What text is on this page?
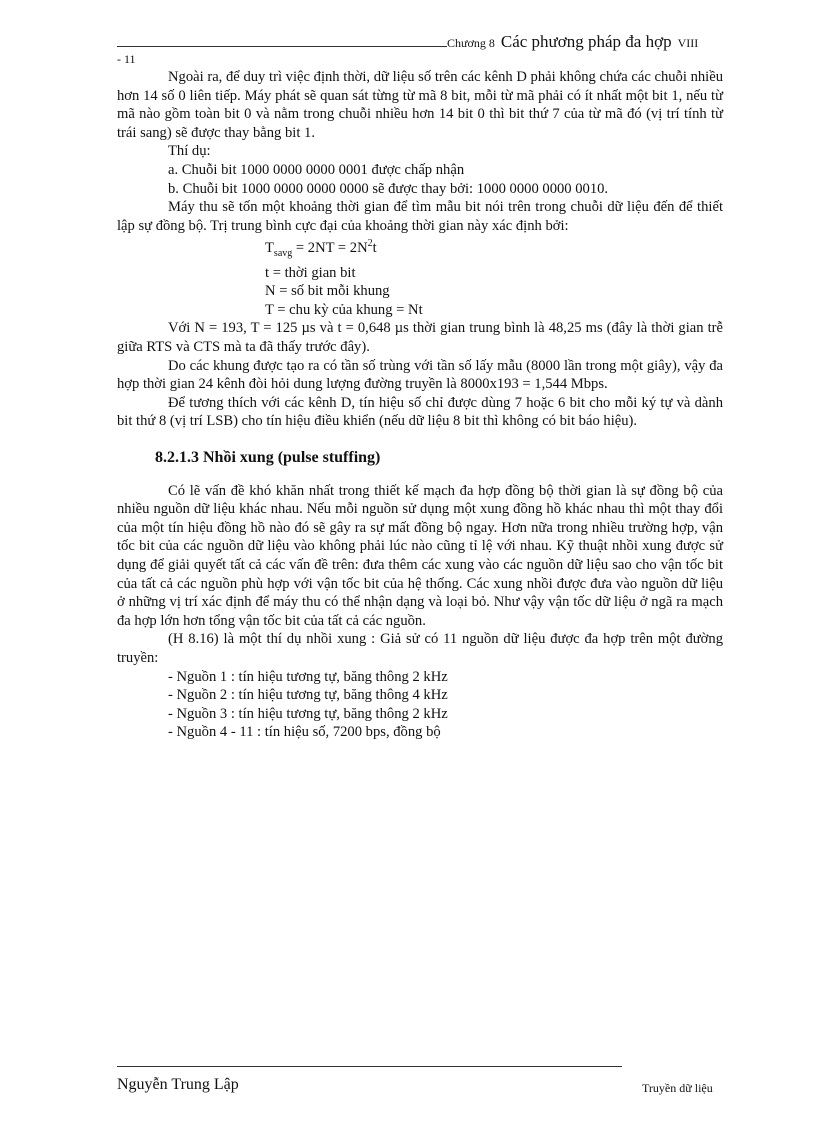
Chương 8 Các phương pháp đa hợp VIII
- 11

Ngoài ra, để duy trì việc định thời, dữ liệu số trên các kênh D phải không chứa các chuỗi nhiều hơn 14 số 0 liên tiếp. Máy phát sẽ quan sát từng từ mã 8 bit, mỗi từ mã phải có ít nhất một bit 1, nếu từ mã nào gồm toàn bit 0 và nằm trong chuỗi nhiều hơn 14 bit 0 thì bit thứ 7 của từ mã đó (vị trí tính từ trái sang) sẽ được thay bằng bit 1.

Thí dụ:

a. Chuỗi bit 1000 0000 0000 0001 được chấp nhận

b. Chuỗi bit 1000 0000 0000 0000 sẽ được thay bởi: 1000 0000 0000 0010.

Máy thu sẽ tốn một khoảng thời gian để tìm mẫu bit nói trên trong chuỗi dữ liệu đến để thiết lập sự đồng bộ. Trị trung bình cực đại của khoảng thời gian này xác định bởi:

$T_{savg} = 2NT = 2N^2t$

t = thời gian bit

N = số bit mỗi khung

T = chu kỳ của khung = Nt

Với N = 193, T = 125 µs và t = 0,648 µs thời gian trung bình là 48,25 ms (đây là thời gian trễ giữa RTS và CTS mà ta đã thấy trước đây).

Do các khung được tạo ra có tần số trùng với tần số lấy mẫu (8000 lần trong một giây), vậy đa hợp thời gian 24 kênh đòi hỏi dung lượng đường truyền là 8000x193 = 1,544 Mbps.

Để tương thích với các kênh D, tín hiệu số chỉ được dùng 7 hoặc 6 bit cho mỗi ký tự và dành bit thứ 8 (vị trí LSB) cho tín hiệu điều khiển (nếu dữ liệu 8 bit thì không có bit báo hiệu).

8.2.1.3 Nhồi xung (pulse stuffing)

Có lẽ vấn đề khó khăn nhất trong thiết kế mạch đa hợp đồng bộ thời gian là sự đồng bộ của nhiều nguồn dữ liệu khác nhau. Nếu mỗi nguồn sử dụng một xung đồng hồ khác nhau thì một thay đổi của một tín hiệu đồng hồ nào đó sẽ gây ra sự mất đồng bộ ngay. Hơn nữa trong nhiều trường hợp, vận tốc bit của các nguồn dữ liệu vào không phải lúc nào cũng tỉ lệ với nhau. Kỹ thuật nhồi xung được sử dụng để giải quyết tất cả các vấn đề trên: đưa thêm các xung vào các nguồn dữ liệu sao cho vận tốc bit của tất cả các nguồn phù hợp với vận tốc bit của hệ thống. Các xung nhồi được đưa vào nguồn dữ liệu ở những vị trí xác định để máy thu có thể nhận dạng và loại bỏ. Như vậy vận tốc dữ liệu ở ngã ra mạch đa hợp lớn hơn tổng vận tốc bit của tất cả các nguồn.

(H 8.16) là một thí dụ nhồi xung : Giả sử có 11 nguồn dữ liệu được đa hợp trên một đường truyền:

- Nguồn 1 : tín hiệu tương tự, băng thông 2 kHz

- Nguồn 2 : tín hiệu tương tự, băng thông 4 kHz

- Nguồn 3 : tín hiệu tương tự, băng thông 2 kHz

- Nguồn 4 - 11 : tín hiệu số, 7200 bps, đồng bộ

Nguyễn Trung Lập	Truyền dữ liệu
